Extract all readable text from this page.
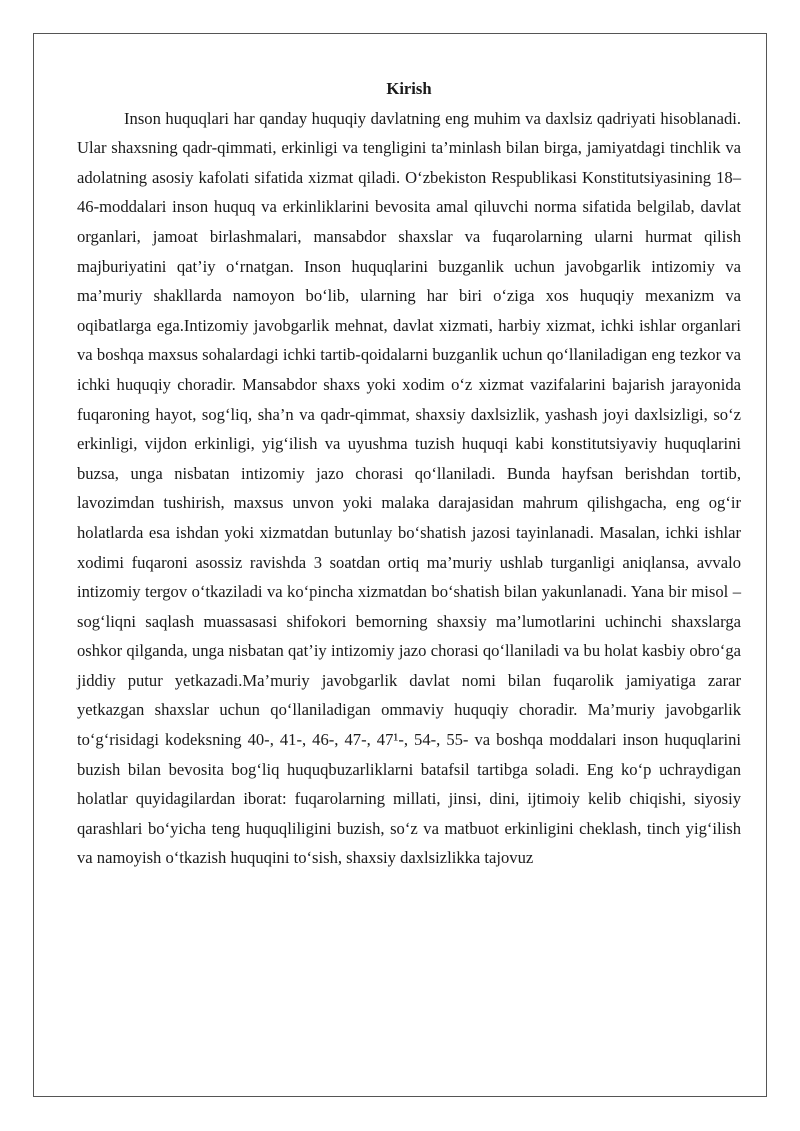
Kirish

Inson huquqlari har qanday huquqiy davlatning eng muhim va daxlsiz qadriyati hisoblanadi. Ular shaxsning qadr-qimmati, erkinligi va tengligini ta’minlash bilan birga, jamiyatdagi tinchlik va adolatning asosiy kafolati sifatida xizmat qiladi. O‘zbekiston Respublikasi Konstitutsiyasining 18–46-moddalari inson huquq va erkinliklarini bevosita amal qiluvchi norma sifatida belgilab, davlat organlari, jamoat birlashmalari, mansabdor shaxslar va fuqarolarning ularni hurmat qilish majburiyatini qat’iy o‘rnatgan. Inson huquqlarini buzganlik uchun javobgarlik intizomiy va ma’muriy shakllarda namoyon bo‘lib, ularning har biri o‘ziga xos huquqiy mexanizm va oqibatlarga ega.Intizomiy javobgarlik mehnat, davlat xizmati, harbiy xizmat, ichki ishlar organlari va boshqa maxsus sohalardagi ichki tartib-qoidalarni buzganlik uchun qo‘llaniladigan eng tezkor va ichki huquqiy choradir. Mansabdor shaxs yoki xodim o‘z xizmat vazifalarini bajarish jarayonida fuqaroning hayot, sog‘liq, sha’n va qadr-qimmat, shaxsiy daxlsizlik, yashash joyi daxlsizligi, so‘z erkinligi, vijdon erkinligi, yig‘ilish va uyushma tuzish huquqi kabi konstitutsiyaviy huquqlarini buzsa, unga nisbatan intizomiy jazo chorasi qo‘llaniladi. Bunda hayfsan berishdan tortib, lavozimdan tushirish, maxsus unvon yoki malaka darajasidan mahrum qilishgacha, eng og‘ir holatlarda esa ishdan yoki xizmatdan butunlay bo‘shatish jazosi tayinlanadi. Masalan, ichki ishlar xodimi fuqaroni asossiz ravishda 3 soatdan ortiq ma’muriy ushlab turganligi aniqlansa, avvalo intizomiy tergov o‘tkaziladi va ko‘pincha xizmatdan bo‘shatish bilan yakunlanadi. Yana bir misol – sog‘liqni saqlash muassasasi shifokori bemorning shaxsiy ma’lumotlarini uchinchi shaxslarga oshkor qilganda, unga nisbatan qat’iy intizomiy jazo chorasi qo‘llaniladi va bu holat kasbiy obro‘ga jiddiy putur yetkazadi.Ma’muriy javobgarlik davlat nomi bilan fuqarolik jamiyatiga zarar yetkazgan shaxslar uchun qo‘llaniladigan ommaviy huquqiy choradir. Ma’muriy javobgarlik to‘g‘risidagi kodeksning 40-, 41-, 46-, 47-, 47¹-, 54-, 55- va boshqa moddalari inson huquqlarini buzish bilan bevosita bog‘liq huquqbuzarliklarni batafsil tartibga soladi. Eng ko‘p uchraydigan holatlar quyidagilardan iborat: fuqarolarning millati, jinsi, dini, ijtimoiy kelib chiqishi, siyosiy qarashlari bo‘yicha teng huquqliligini buzish, so‘z va matbuot erkinligini cheklash, tinch yig‘ilish va namoyish o‘tkazish huquqini to‘sish, shaxsiy daxlsizlikka tajovuz
